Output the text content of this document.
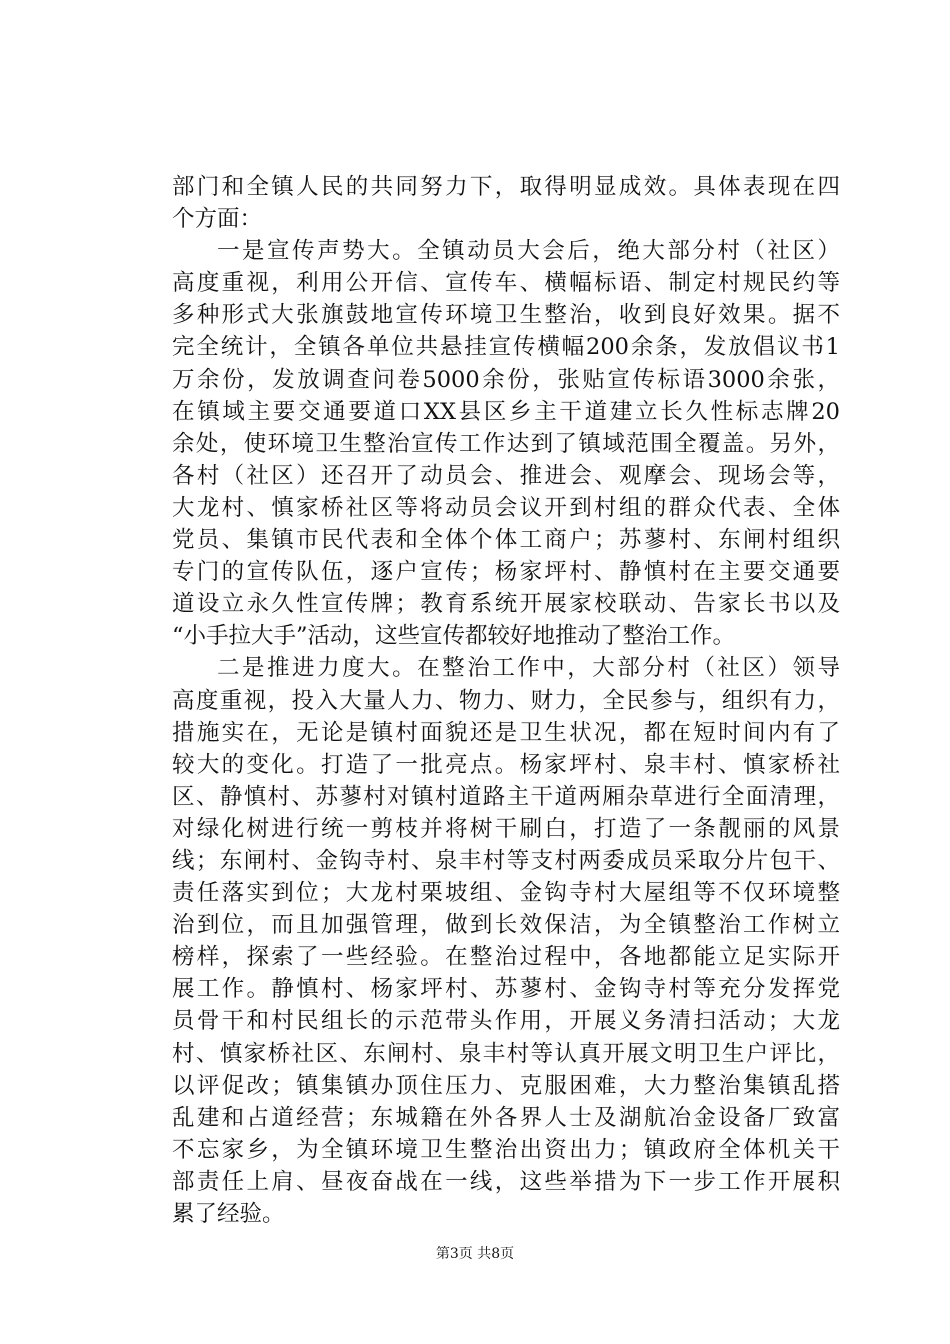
部门和全镇人民的共同努力下，取得明显成效。具体表现在四
个方面：
一是宣传声势大。全镇动员大会后，绝大部分村（社区）
高度重视，利用公开信、宣传车、横幅标语、制定村规民约等
多种形式大张旗鼓地宣传环境卫生整治，收到良好效果。据不
完全统计，全镇各单位共悬挂宣传横幅200余条，发放倡议书1
万余份，发放调查问卷5000余份，张贴宣传标语3000余张，
在镇域主要交通要道口XX县区乡主干道建立长久性标志牌20
余处，使环境卫生整治宣传工作达到了镇域范围全覆盖。另外，
各村（社区）还召开了动员会、推进会、观摩会、现场会等，
大龙村、慎家桥社区等将动员会议开到村组的群众代表、全体
党员、集镇市民代表和全体个体工商户；苏蓼村、东闸村组织
专门的宣传队伍，逐户宣传；杨家坪村、静慎村在主要交通要
道设立永久性宣传牌；教育系统开展家校联动、告家长书以及
“小手拉大手”活动，这些宣传都较好地推动了整治工作。
二是推进力度大。在整治工作中，大部分村（社区）领导
高度重视，投入大量人力、物力、财力，全民参与，组织有力，
措施实在，无论是镇村面貌还是卫生状况，都在短时间内有了
较大的变化。打造了一批亮点。杨家坪村、泉丰村、慎家桥社
区、静慎村、苏蓼村对镇村道路主干道两厢杂草进行全面清理，
对绿化树进行统一剪枝并将树干刷白，打造了一条靓丽的风景
线；东闸村、金钩寺村、泉丰村等支村两委成员采取分片包干、
责任落实到位；大龙村栗坡组、金钩寺村大屋组等不仅环境整
治到位，而且加强管理，做到长效保洁，为全镇整治工作树立
榜样，探索了一些经验。在整治过程中，各地都能立足实际开
展工作。静慎村、杨家坪村、苏蓼村、金钩寺村等充分发挥党
员骨干和村民组长的示范带头作用，开展义务清扫活动；大龙
村、慎家桥社区、东闸村、泉丰村等认真开展文明卫生户评比，
以评促改；镇集镇办顶住压力、克服困难，大力整治集镇乱搭
乱建和占道经营；东城籍在外各界人士及湖航冶金设备厂致富
不忘家乡，为全镇环境卫生整治出资出力；镇政府全体机关干
部责任上肩、昼夜奋战在一线，这些举措为下一步工作开展积
累了经验。
第3页 共8页
